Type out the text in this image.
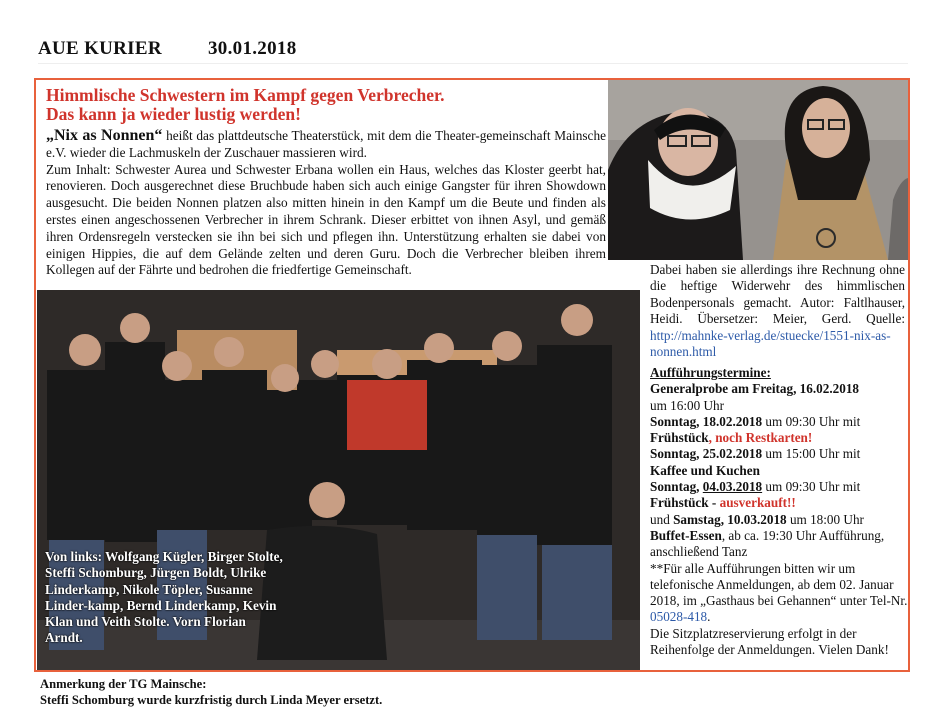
AUE KURIER 30.01.2018
Himmlische Schwestern im Kampf gegen Verbrecher.
Das kann ja wieder lustig werden!

„Nix as Nonnen“ heißt das plattdeutsche Theaterstück, mit dem die Theater-gemeinschaft Mainsche e.V. wieder die Lachmuskeln der Zuschauer massieren wird.

Zum Inhalt: Schwester Aurea und Schwester Erbana wollen ein Haus, welches das Kloster geerbt hat, renovieren. Doch ausgerechnet diese Bruchbude haben sich auch einige Gangster für ihren Showdown ausgesucht. Die beiden Nonnen platzen also mitten hinein in den Kampf um die Beute und finden als erstes einen angeschossenen Verbrecher in ihrem Schrank. Dieser erbittet von ihnen Asyl, und gemäß ihren Ordensregeln verstecken sie ihn bei sich und pflegen ihn. Unterstützung erhalten sie dabei von einigen Hippies, die auf dem Gelände zelten und deren Guru. Doch die Verbrecher bleiben ihrem Kollegen auf der Fährte und bedrohen die friedfertige Gemeinschaft.	Dabei haben sie allerdings ihre Rechnung ohne die heftige Widerwehr des himmlischen Bodenpersonals gemacht. Autor: Faltlhauser, Heidi. Übersetzer: Meier, Gerd. Quelle: http://mahnke-verlag.de/stuecke/1551-nix-as-nonnen.html
Von links: Wolfgang Kügler, Birger Stolte, Steffi Schomburg, Jürgen Boldt, Ulrike Linderkamp, Nikole Töpler, Susanne Linder-kamp, Bernd Linderkamp, Kevin Klan und Veith Stolte. Vorn Florian Arndt.
Aufführungstermine:
Generalprobe am Freitag, 16.02.2018
um 16:00 Uhr
Sonntag, 18.02.2018 um 09:30 Uhr mit
Frühstück, noch Restkarten!
Sonntag, 25.02.2018 um 15:00 Uhr mit
Kaffee und Kuchen
Sonntag, 04.03.2018 um 09:30 Uhr mit
Frühstück - ausverkauft!!
und Samstag, 10.03.2018 um 18:00 Uhr
Buffet-Essen, ab ca. 19:30 Uhr Aufführung, anschließend Tanz
**Für alle Aufführungen bitten wir um telefonische Anmeldungen, ab dem 02. Januar 2018, im „Gasthaus bei Gehannen“ unter Tel-Nr. 05028-418.
Die Sitzplatzreservierung erfolgt in der Reihenfolge der Anmeldungen. Vielen Dank!
Anmerkung der TG Mainsche:
Steffi Schomburg wurde kurzfristig durch Linda Meyer ersetzt.
